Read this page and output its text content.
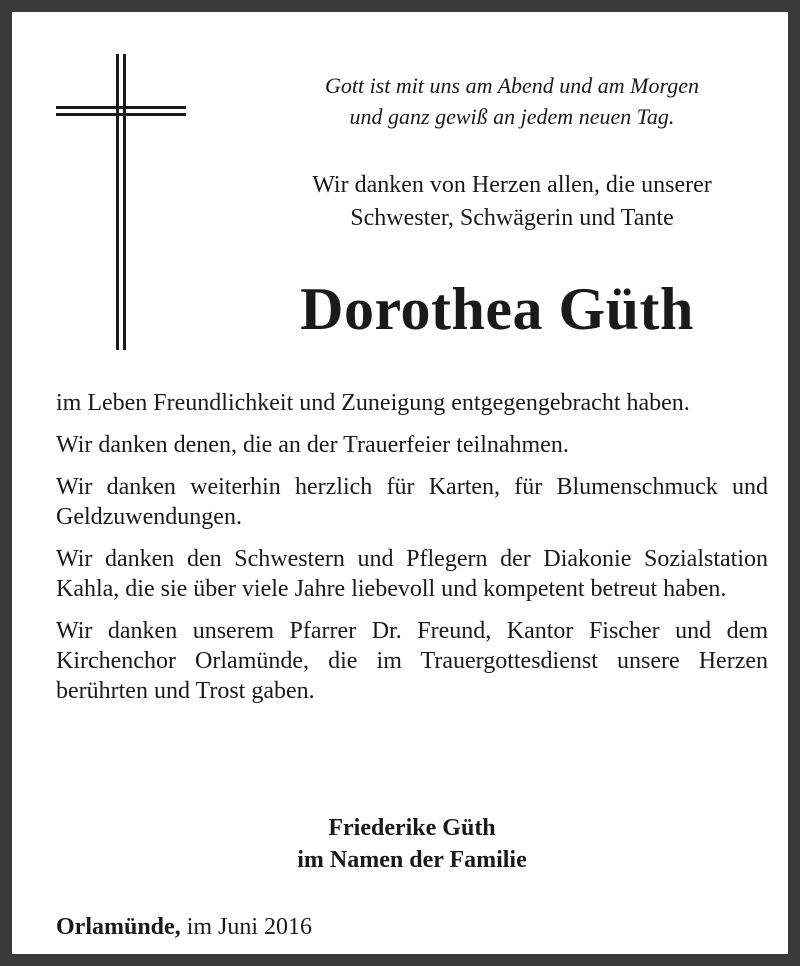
Gott ist mit uns am Abend und am Morgen
und ganz gewiß an jedem neuen Tag.
Wir danken von Herzen allen, die unserer
Schwester, Schwägerin und Tante
Dorothea Güth

im Leben Freundlichkeit und Zuneigung entgegengebracht haben.

Wir danken denen, die an der Trauerfeier teilnahmen.

Wir danken weiterhin herzlich für Karten, für Blumenschmuck und Geldzuwendungen.

Wir danken den Schwestern und Pflegern der Diakonie Sozialstation Kahla, die sie über viele Jahre liebevoll und kompetent betreut haben.

Wir danken unserem Pfarrer Dr. Freund, Kantor Fischer und dem Kirchenchor Orlamünde, die im Trauergottesdienst unsere Herzen berührten und Trost gaben.

Friederike Güth
im Namen der Familie
Orlamünde, im Juni 2016
